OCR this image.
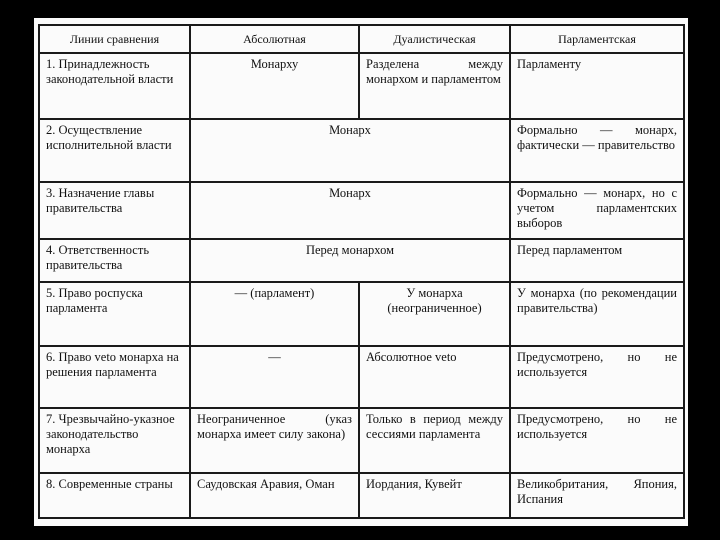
Линии сравнения	Абсолютная	Дуалистическая	Парламентская
1. Принадлежность законодательной власти	Монарху	Разделена между монархом и парламентом	Парламенту
2. Осуществление исполнительной власти	Монарх		Формально — монарх, фактически — правительство
3. Назначение главы правительства	Монарх		Формально — монарх, но с учетом парламентских выборов
4. Ответственность правительства	Перед монархом		Перед парламентом
5. Право роспуска парламента	— (парламент)	У монарха (неограниченное)	У монарха (по рекомендации правительства)
6. Право veto монарха на решения парламента	—	Абсолютное veto	Предусмотрено, но не используется
7. Чрезвычайно-указное законодательство монарха	Неограниченное (указ монарха имеет силу закона)	Только в период между сессиями парламента	Предусмотрено, но не используется
8. Современные страны	Саудовская Аравия, Оман	Иордания, Кувейт	Великобритания, Япония, Испания
